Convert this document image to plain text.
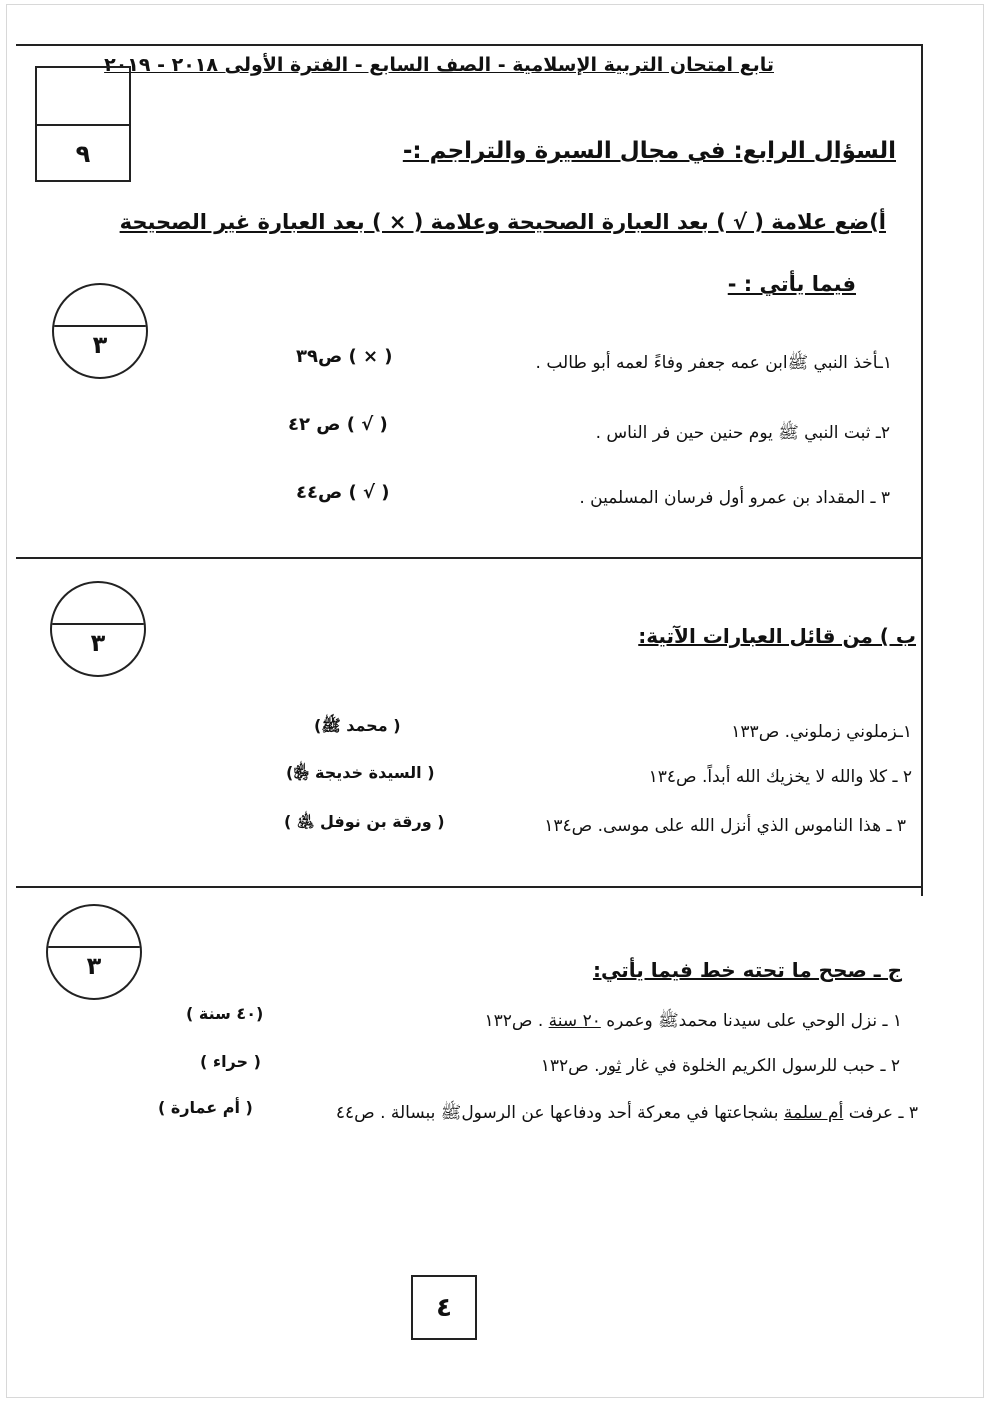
تابع امتحان التربية الإسلامية - الصف السابع - الفترة الأولى ٢٠١٨ - ٢٠١٩
٩	السؤال الرابع: في مجال السيرة والتراجم :-
أ)ضع علامة ( √ ) بعد العبارة الصحيحة وعلامة ( × ) بعد العبارة غير الصحيحة
فيما يأتي : -
٣
١ـأخذ النبي ﷺابن عمه جعفر وفاءً لعمه أبو طالب .
( × ) ص٣٩
٢ـ ثبت النبي ﷺ يوم حنين حين فر الناس .
( √ ) ص ٤٢
٣ ـ المقداد بن عمرو أول فرسان المسلمين .
( √ ) ص٤٤
ب ) من قائل العبارات الآتية:
٣
١ـزملوني زملوني. ص١٣٣
( محمد ﷺ)
٢ ـ كلا والله لا يخزيك الله أبداً. ص١٣٤
( السيدة خديجة ﵂)
٣ ـ هذا الناموس الذي أنزل الله على موسى. ص١٣٤
( ورقة بن نوفل ﵁ )
ج ـ صحح ما تحته خط فيما يأتي:
٣
١ ـ نزل الوحي على سيدنا محمدﷺ وعمره ٢٠ سنة . ص١٣٢
(٤٠ سنة )
٢ ـ حبب للرسول الكريم الخلوة في غار ثور. ص١٣٢
( حراء )
٣ ـ عرفت أم سلمة بشجاعتها في معركة أحد ودفاعها عن الرسولﷺ ببسالة . ص٤٤
( أم عمارة )
٤
